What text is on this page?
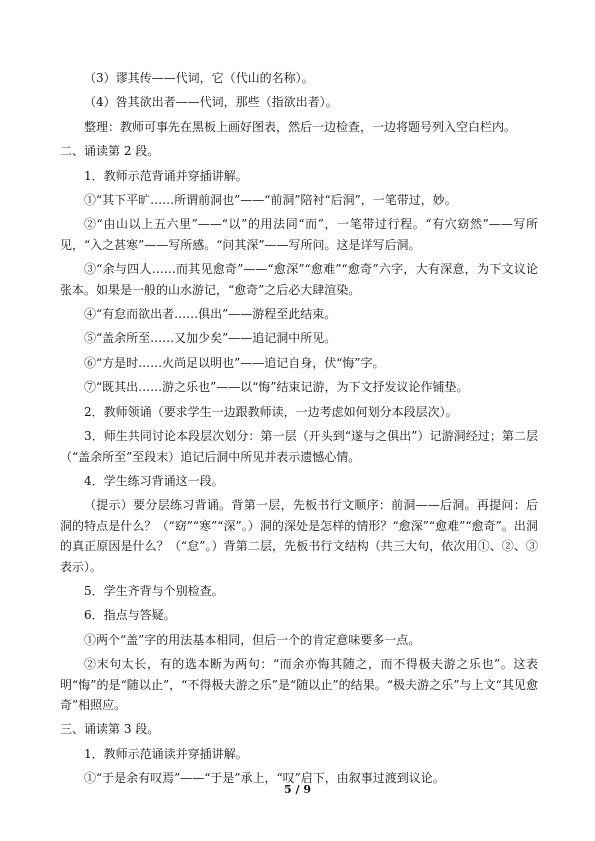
（3）谬其传——代词，它（代山的名称）。

（4）咎其欲出者——代词，那些（指欲出者）。

整理：教师可事先在黑板上画好图表，然后一边检查，一边将题号列入空白栏内。

二、诵读第 2 段。

1．教师示范背诵并穿插讲解。

①“其下平旷……所谓前洞也”——“前洞”陪衬“后洞”，一笔带过，妙。

②“由山以上五六里”——“以”的用法同“而”，一笔带过行程。“有穴窈然”——写所见，“入之甚寒”——写所感。“问其深”——写所问。这是详写后洞。

③“余与四人……而其见愈奇”——“愈深”“愈难”“愈奇”六字，大有深意，为下文议论张本。如果是一般的山水游记，“愈奇”之后必大肆渲染。

④“有怠而欲出者……俱出”——游程至此结束。

⑤“盖余所至……又加少矣”——追记洞中所见。

⑥“方是时……火尚足以明也”——追记自身，伏“悔”字。

⑦“既其出……游之乐也”——以“悔”结束记游，为下文抒发议论作铺垫。

2．教师领诵（要求学生一边跟教师读，一边考虑如何划分本段层次）。

3．师生共同讨论本段层次划分：第一层（开头到“遂与之俱出”）记游洞经过；第二层（“盖余所至”至段末）追记后洞中所见并表示遗憾心情。

4．学生练习背诵这一段。

（提示）要分层练习背诵。背第一层，先板书行文顺序：前洞——后洞。再提问：后洞的特点是什么？（“窈”“寒”“深”。）洞的深处是怎样的情形？“愈深”“愈难”“愈奇”。出洞的真正原因是什么？（“怠”。）背第二层，先板书行文结构（共三大句，依次用①、②、③表示）。

5．学生齐背与个别检查。

6．指点与答疑。

①两个“盖”字的用法基本相同，但后一个的肯定意味要多一点。

②末句太长，有的选本断为两句：“而余亦悔其随之，而不得极夫游之乐也”。这表明“悔”的是“随以止”，“不得极夫游之乐”是“随以止”的结果。“极夫游之乐”与上文“其见愈奇”相照应。

三、诵读第 3 段。

1．教师示范诵读并穿插讲解。

①“于是余有叹焉”——“于是”承上，“叹”启下，由叙事过渡到议论。

5 / 9
